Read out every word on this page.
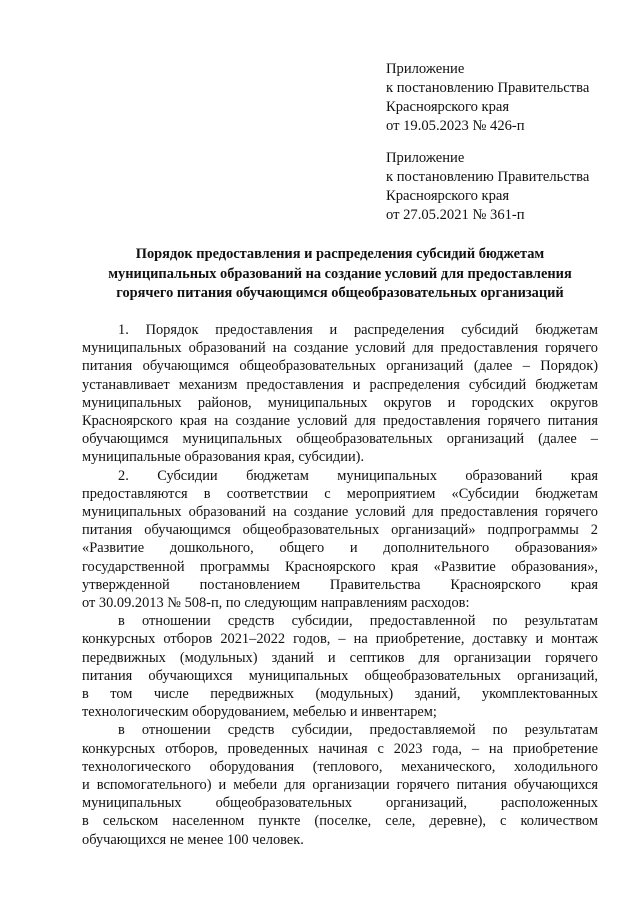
Приложение
к постановлению Правительства
Красноярского края
от 19.05.2023 № 426-п
Приложение
к постановлению Правительства
Красноярского края
от 27.05.2021 № 361-п
Порядок предоставления и распределения субсидий бюджетам
муниципальных образований на создание условий для предоставления
горячего питания обучающимся общеобразовательных организаций
1. Порядок предоставления и распределения субсидий бюджетам
муниципальных образований на создание условий для предоставления горячего
питания обучающимся общеобразовательных организаций (далее – Порядок)
устанавливает механизм предоставления и распределения субсидий бюджетам
муниципальных районов, муниципальных округов и городских округов
Красноярского края на создание условий для предоставления горячего питания
обучающимся муниципальных общеобразовательных организаций (далее –
муниципальные образования края, субсидии).
2. Субсидии бюджетам муниципальных образований края
предоставляются в соответствии с мероприятием «Субсидии бюджетам
муниципальных образований на создание условий для предоставления горячего
питания обучающимся общеобразовательных организаций» подпрограммы 2
«Развитие дошкольного, общего и дополнительного образования»
государственной программы Красноярского края «Развитие образования»,
утвержденной постановлением Правительства Красноярского края
от 30.09.2013 № 508-п, по следующим направлениям расходов:
в отношении средств субсидии, предоставленной по результатам
конкурсных отборов 2021–2022 годов, – на приобретение, доставку и монтаж
передвижных (модульных) зданий и септиков для организации горячего
питания обучающихся муниципальных общеобразовательных организаций,
в том числе передвижных (модульных) зданий, укомплектованных
технологическим оборудованием, мебелью и инвентарем;
в отношении средств субсидии, предоставляемой по результатам
конкурсных отборов, проведенных начиная с 2023 года, – на приобретение
технологического оборудования (теплового, механического, холодильного
и вспомогательного) и мебели для организации горячего питания обучающихся
муниципальных общеобразовательных организаций, расположенных
в сельском населенном пункте (поселке, селе, деревне), с количеством
обучающихся не менее 100 человек.
